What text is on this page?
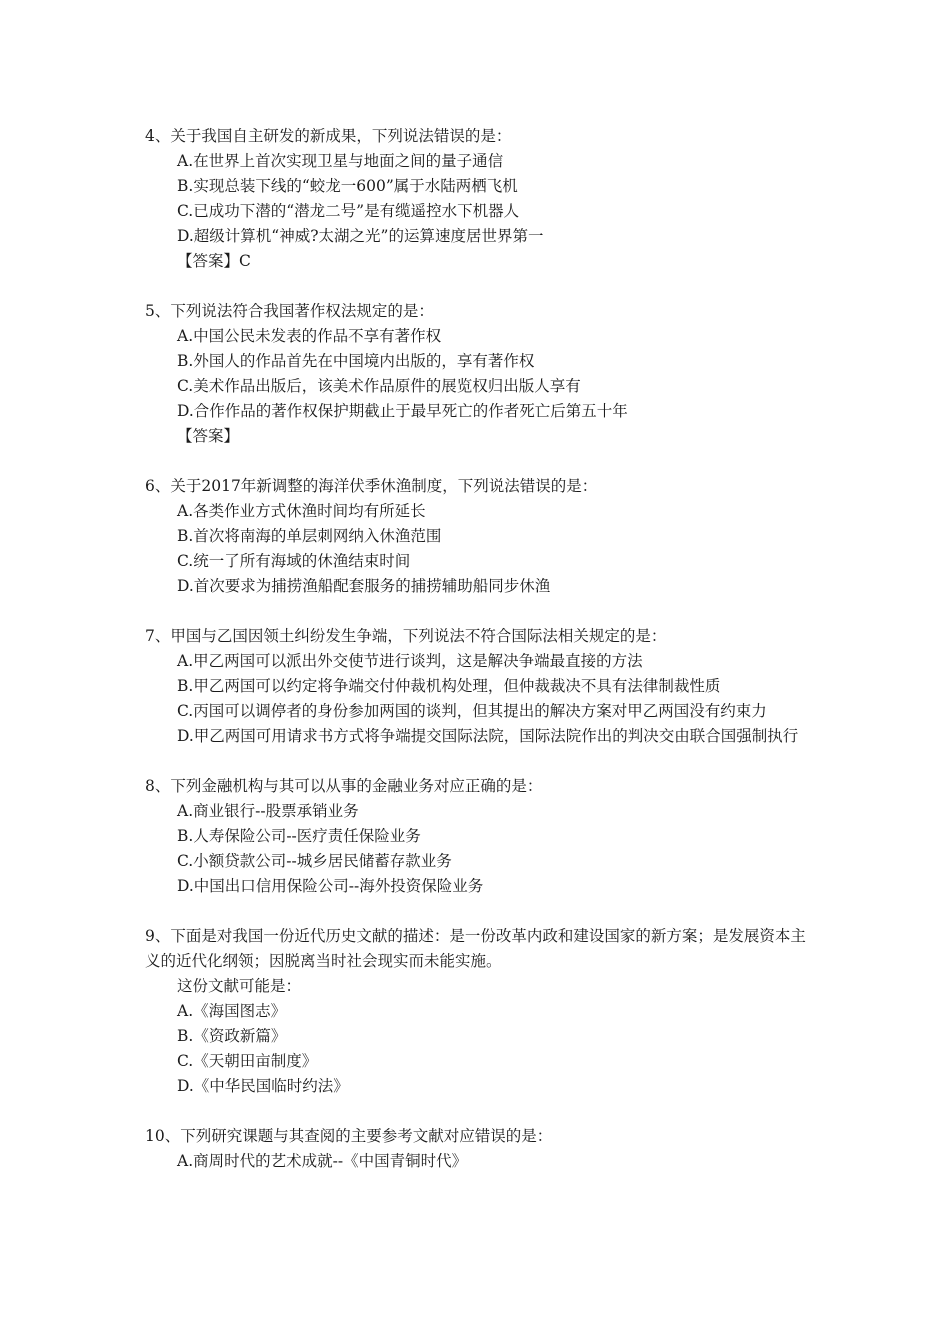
4、关于我国自主研发的新成果，下列说法错误的是：
A.在世界上首次实现卫星与地面之间的量子通信
B.实现总装下线的“蛟龙一600”属于水陆两栖飞机
C.已成功下潜的“潜龙二号”是有缆遥控水下机器人
D.超级计算机“神威?太湖之光”的运算速度居世界第一
【答案】C
5、下列说法符合我国著作权法规定的是：
A.中国公民未发表的作品不享有著作权
B.外国人的作品首先在中国境内出版的，享有著作权
C.美术作品出版后，该美术作品原件的展览权归出版人享有
D.合作作品的著作权保护期截止于最早死亡的作者死亡后第五十年
【答案】
6、关于2017年新调整的海洋伏季休渔制度，下列说法错误的是：
A.各类作业方式休渔时间均有所延长
B.首次将南海的单层刺网纳入休渔范围
C.统一了所有海域的休渔结束时间
D.首次要求为捕捞渔船配套服务的捕捞辅助船同步休渔
7、甲国与乙国因领土纠纷发生争端，下列说法不符合国际法相关规定的是：
A.甲乙两国可以派出外交使节进行谈判，这是解决争端最直接的方法
B.甲乙两国可以约定将争端交付仲裁机构处理，但仲裁裁决不具有法律制裁性质
C.丙国可以调停者的身份参加两国的谈判，但其提出的解决方案对甲乙两国没有约束力
D.甲乙两国可用请求书方式将争端提交国际法院，国际法院作出的判决交由联合国强制执行
8、下列金融机构与其可以从事的金融业务对应正确的是：
A.商业银行--股票承销业务
B.人寿保险公司--医疗责任保险业务
C.小额贷款公司--城乡居民储蓄存款业务
D.中国出口信用保险公司--海外投资保险业务
9、下面是对我国一份近代历史文献的描述：是一份改革内政和建设国家的新方案；是发展资本主义的近代化纲领；因脱离当时社会现实而未能实施。
这份文献可能是：
A.《海国图志》
B.《资政新篇》
C.《天朝田亩制度》
D.《中华民国临时约法》
10、下列研究课题与其查阅的主要参考文献对应错误的是：
A.商周时代的艺术成就--《中国青铜时代》
